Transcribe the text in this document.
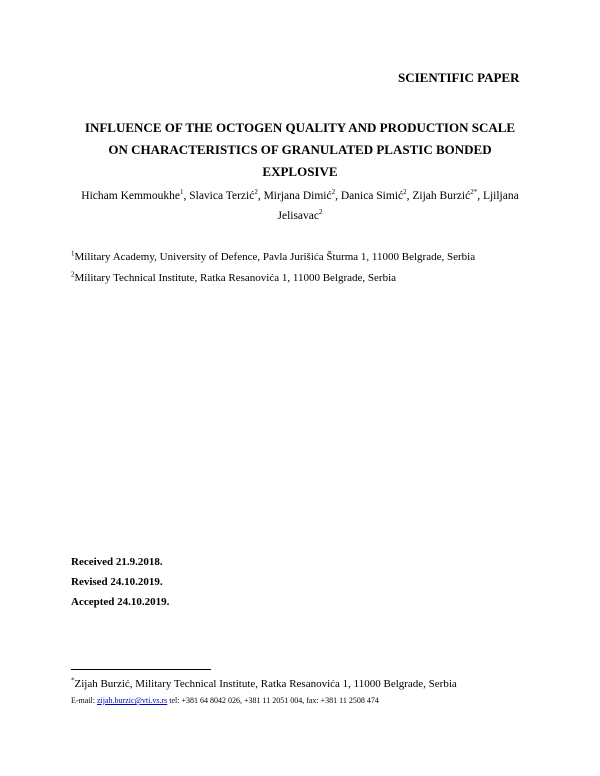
SCIENTIFIC PAPER
INFLUENCE OF THE OCTOGEN QUALITY AND PRODUCTION SCALE
ON CHARACTERISTICS OF GRANULATED PLASTIC BONDED
EXPLOSIVE
Hicham Kemmoukhe$^1$, Slavica Terzić$^2$, Mirjana Dimić$^2$, Danica Simić$^2$, Zijah Burzić$^{2*}$, Ljiljana Jelisavac$^2$
$^1$Military Academy, University of Defence, Pavla Jurišića Šturma 1, 11000 Belgrade, Serbia
$^2$Military Technical Institute, Ratka Resanovića 1, 11000 Belgrade, Serbia
Received 21.9.2018.
Revised 24.10.2019.
Accepted 24.10.2019.
*Zijah Burzić, Military Technical Institute, Ratka Resanovića 1, 11000 Belgrade, Serbia
E-mail: zijah.burzic@vti.vs.rs tel: +381 64 8042 026, +381 11 2051 004, fax: +381 11 2508 474
